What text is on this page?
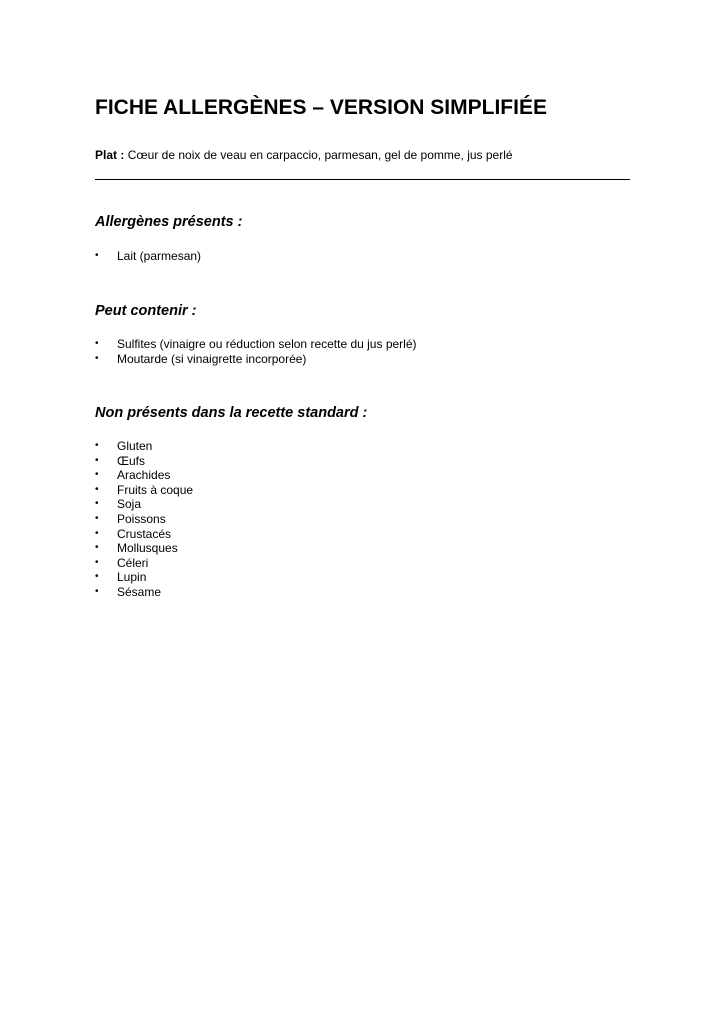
FICHE ALLERGÈNES – VERSION SIMPLIFIÉE
Plat : Cœur de noix de veau en carpaccio, parmesan, gel de pomme, jus perlé
Allergènes présents :
• Lait (parmesan)
Peut contenir :
• Sulfites (vinaigre ou réduction selon recette du jus perlé)
• Moutarde (si vinaigrette incorporée)
Non présents dans la recette standard :
• Gluten
• Œufs
• Arachides
• Fruits à coque
• Soja
• Poissons
• Crustacés
• Mollusques
• Céleri
• Lupin
• Sésame
